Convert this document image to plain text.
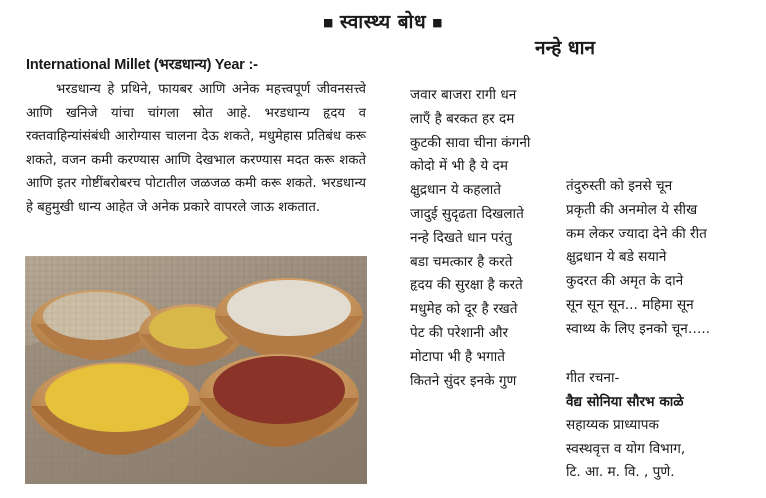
■ स्वास्थ्य बोध ■
International Millet (भरडधान्य) Year :-

भरडधान्य हे प्रथिने, फायबर आणि अनेक महत्त्वपूर्ण जीवनसत्त्वे आणि खनिजे यांचा चांगला स्रोत आहे. भरडधान्य हृदय व रक्तवाहिन्यांसंबंधी आरोग्यास चालना देऊ शकते, मधुमेहास प्रतिबंध करू शकते, वजन कमी करण्यास आणि देखभाल करण्यास मदत करू शकते आणि इतर गोष्टींबरोबरच पोटातील जळजळ कमी करू शकते. भरडधान्य हे बहुमुखी धान्य आहेत जे अनेक प्रकारे वापरले जाऊ शकतात.

नन्हे धान
जवार बाजरा रागी धन
लाएँ है बरकत हर दम
कुटकी सावा चीना कंगनी
कोदो में भी है ये दम
क्षुद्रधान ये कहलाते
जादुई सुदृढता दिखलाते
नन्हे दिखते धान परंतु
बडा चमत्कार है करते
हृदय की सुरक्षा है करते
मधुमेह को दूर है रखते
पेट की परेशानी और
मोटापा भी है भगाते
कितने सुंदर इनके गुण
तंदुरुस्ती को इनसे चून
प्रकृती की अनमोल ये सीख
कम लेकर ज्यादा देने की रीत
क्षुद्रधान ये बडे सयाने
कुदरत की अमृत के दाने
सून सून सून... महिमा सून
स्वाथ्य के लिए इनको चून…..
गीत रचना-
वैद्य सोनिया सौरभ काळे
सहाय्यक प्राध्यापक
स्वस्थवृत्त व योग विभाग,
टि. आ. म. वि. , पुणे.
